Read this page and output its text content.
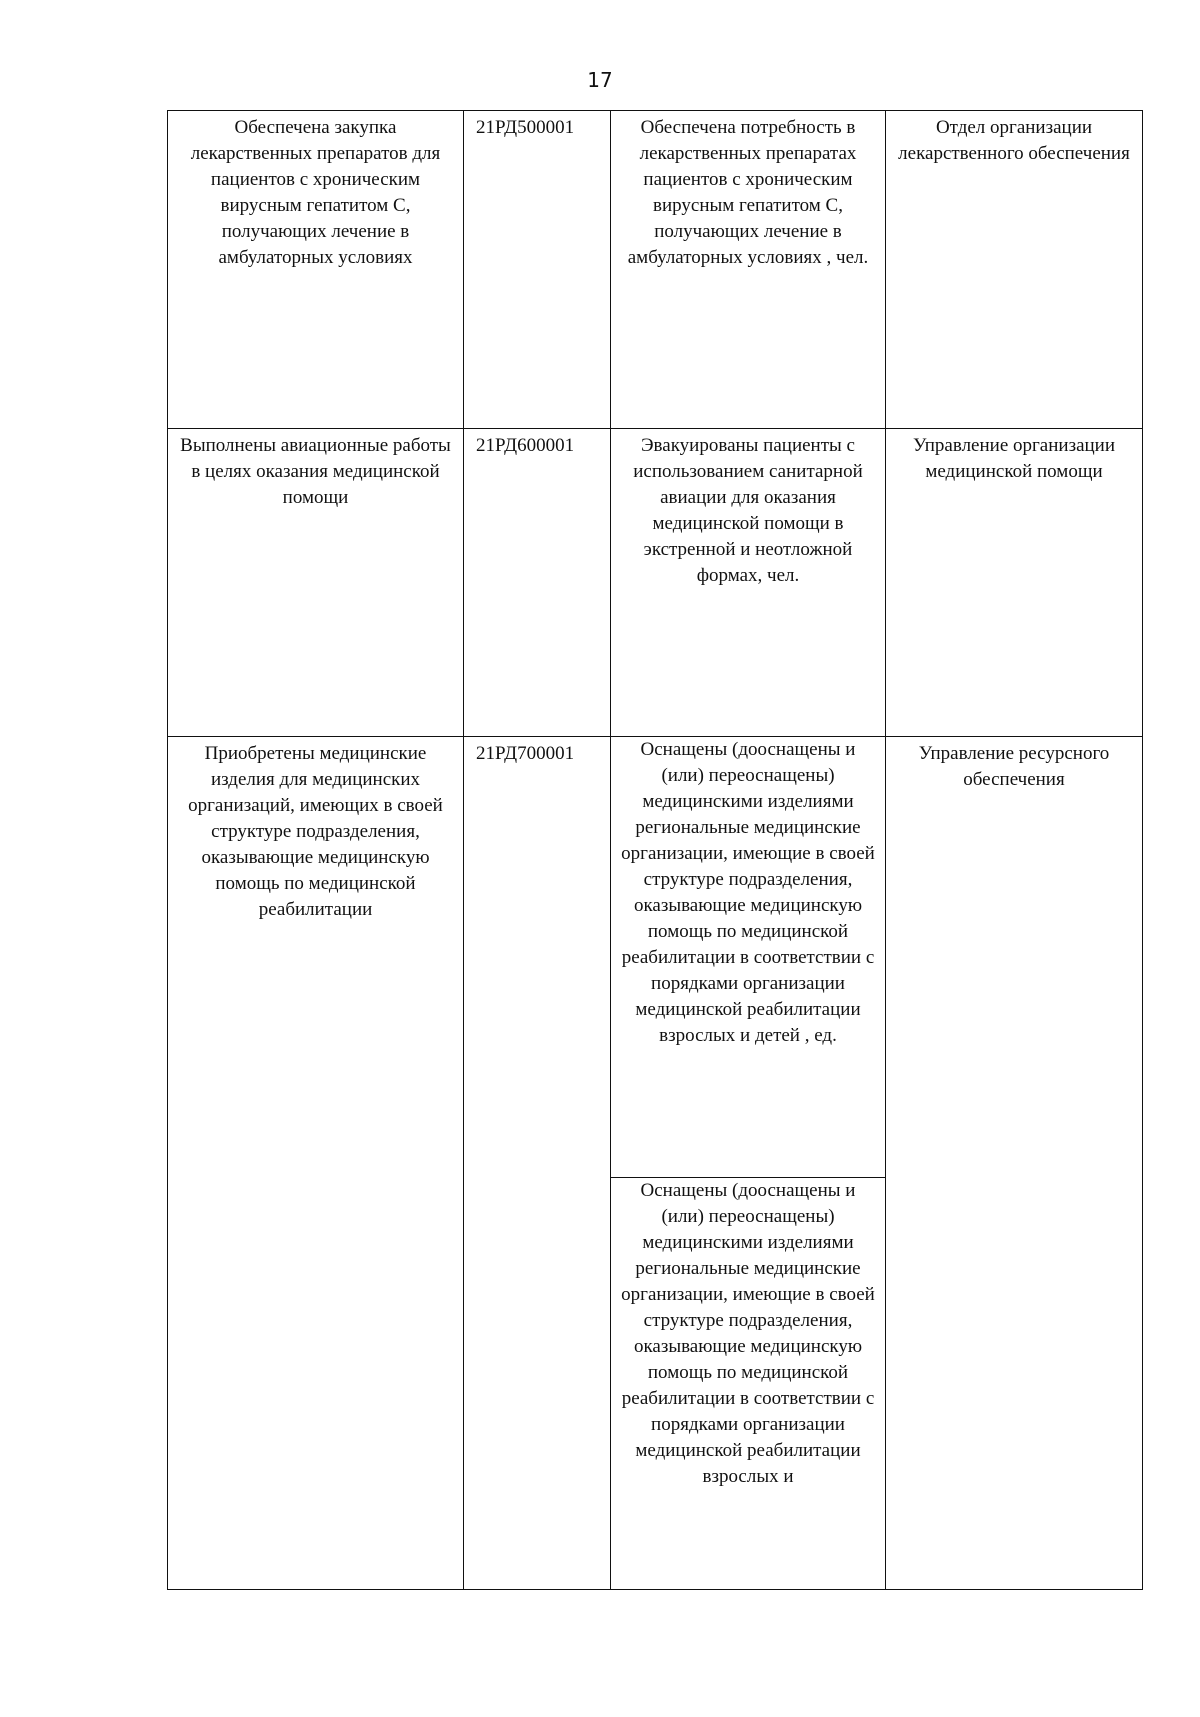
17
Обеспечена закупка лекарственных препаратов для пациентов с хроническим вирусным гепатитом С, получающих лечение в амбулаторных условиях	21РД500001	Обеспечена потребность в лекарственных препаратах пациентов с хроническим вирусным гепатитом С, получающих лечение в амбулаторных условиях , чел.	Отдел организации лекарственного обеспечения
Выполнены авиационные работы в целях оказания медицинской помощи	21РД600001	Эвакуированы пациенты с использованием санитарной авиации для оказания медицинской помощи в экстренной и неотложной формах, чел.	Управление организации медицинской помощи
Приобретены медицинские изделия для медицинских организаций, имеющих в своей структуре подразделения, оказывающие медицинскую помощь по медицинской реабилитации	21РД700001	Оснащены (дооснащены и (или) переоснащены) медицинскими изделиями региональные медицинские организации, имеющие в своей структуре подразделения, оказывающие медицинскую помощь по медицинской реабилитации в соответствии с порядками организации медицинской реабилитации взрослых и детей , ед.	Управление ресурсного обеспечения
		Оснащены (дооснащены и (или) переоснащены) медицинскими изделиями региональные медицинские организации, имеющие в своей структуре подразделения, оказывающие медицинскую помощь по медицинской реабилитации в соответствии с порядками организации медицинской реабилитации взрослых и	
